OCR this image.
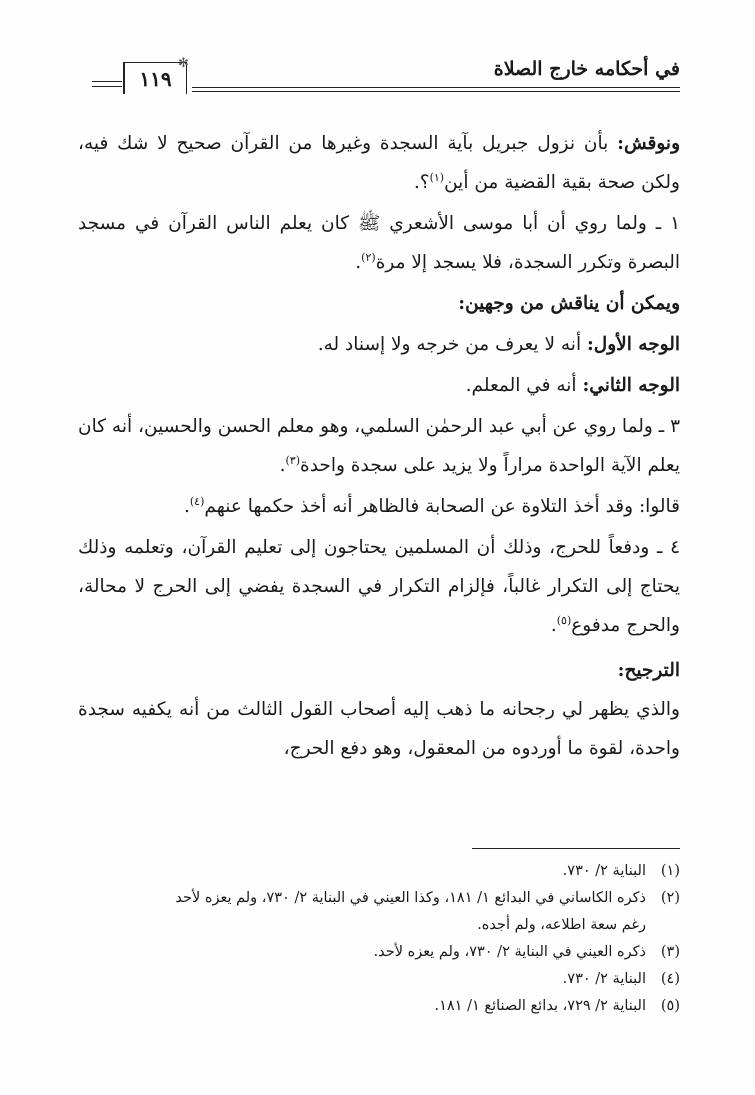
في أحكامه خارج الصلاة
١١٩
✻

ونوقش: بأن نزول جبريل بآية السجدة وغيرها من القرآن صحيح لا شك فيه، ولكن صحة بقية القضية من أين$^{(١)}$؟.

١ ـ ولما روي أن أبا موسى الأشعري ﷺ كان يعلم الناس القرآن في مسجد البصرة وتكرر السجدة، فلا يسجد إلا مرة$^{(٢)}$.

ويمكن أن يناقش من وجهين:

الوجه الأول: أنه لا يعرف من خرجه ولا إسناد له.

الوجه الثاني: أنه في المعلم.

٣ ـ ولما روي عن أبي عبد الرحمٰن السلمي، وهو معلم الحسن والحسين، أنه كان يعلم الآية الواحدة مراراً ولا يزيد على سجدة واحدة$^{(٣)}$.

قالوا: وقد أخذ التلاوة عن الصحابة فالظاهر أنه أخذ حكمها عنهم$^{(٤)}$.

٤ ـ ودفعاً للحرج، وذلك أن المسلمين يحتاجون إلى تعليم القرآن، وتعلمه وذلك يحتاج إلى التكرار غالباً، فإلزام التكرار في السجدة يفضي إلى الحرج لا محالة، والحرج مدفوع$^{(٥)}$.

الترجيح:

والذي يظهر لي رجحانه ما ذهب إليه أصحاب القول الثالث من أنه يكفيه سجدة واحدة، لقوة ما أوردوه من المعقول، وهو دفع الحرج،

(١)
البناية ٢/ ٧٣٠.

(٢)
ذكره الكاساني في البدائع ١/ ١٨١، وكذا العيني في البناية ٢/ ٧٣٠، ولم يعزه لأحد
رغم سعة اطلاعه، ولم أجده.

(٣)
ذكره العيني في البناية ٢/ ٧٣٠، ولم يعزه لأحد.

(٤)
البناية ٢/ ٧٣٠.

(٥)
البناية ٢/ ٧٢٩، بدائع الصنائع ١/ ١٨١.
